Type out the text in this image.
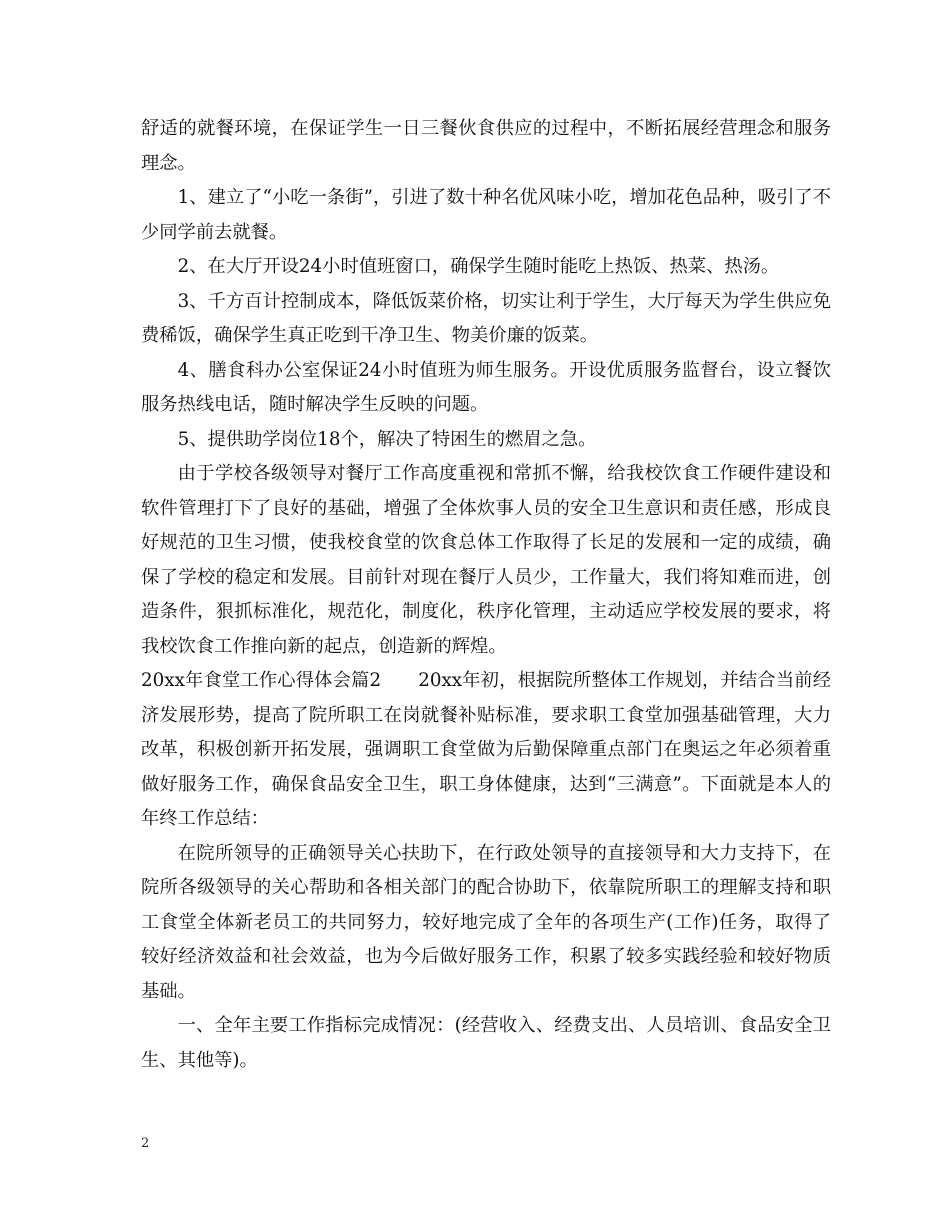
舒适的就餐环境，在保证学生一日三餐伙食供应的过程中，不断拓展经营理念和服务理念。

1、建立了“小吃一条街”，引进了数十种名优风味小吃，增加花色品种，吸引了不少同学前去就餐。

2、在大厅开设24小时值班窗口，确保学生随时能吃上热饭、热菜、热汤。

3、千方百计控制成本，降低饭菜价格，切实让利于学生，大厅每天为学生供应免费稀饭，确保学生真正吃到干净卫生、物美价廉的饭菜。

4、膳食科办公室保证24小时值班为师生服务。开设优质服务监督台，设立餐饮服务热线电话，随时解决学生反映的问题。

5、提供助学岗位18个，解决了特困生的燃眉之急。

由于学校各级领导对餐厅工作高度重视和常抓不懈，给我校饮食工作硬件建设和软件管理打下了良好的基础，增强了全体炊事人员的安全卫生意识和责任感，形成良好规范的卫生习惯，使我校食堂的饮食总体工作取得了长足的发展和一定的成绩，确保了学校的稳定和发展。目前针对现在餐厅人员少，工作量大，我们将知难而进，创造条件，狠抓标准化，规范化，制度化，秩序化管理，主动适应学校发展的要求，将我校饮食工作推向新的起点，创造新的辉煌。

20xx年食堂工作心得体会篇2　　20xx年初，根据院所整体工作规划，并结合当前经济发展形势，提高了院所职工在岗就餐补贴标准，要求职工食堂加强基础管理，大力改革，积极创新开拓发展，强调职工食堂做为后勤保障重点部门在奥运之年必须着重做好服务工作，确保食品安全卫生，职工身体健康，达到“三满意”。下面就是本人的年终工作总结：

在院所领导的正确领导关心扶助下，在行政处领导的直接领导和大力支持下，在院所各级领导的关心帮助和各相关部门的配合协助下，依靠院所职工的理解支持和职工食堂全体新老员工的共同努力，较好地完成了全年的各项生产(工作)任务，取得了较好经济效益和社会效益，也为今后做好服务工作，积累了较多实践经验和较好物质基础。

一、全年主要工作指标完成情况：(经营收入、经费支出、人员培训、食品安全卫生、其他等)。

2
